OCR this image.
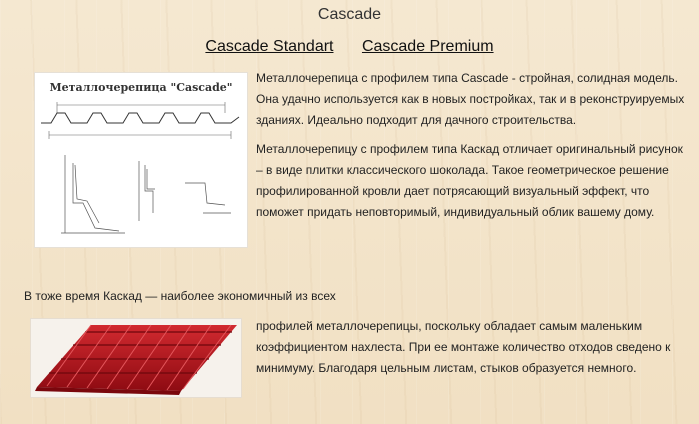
Cascade
Cascade Standart Cascade Premium
Металлочерепица "Cascade"

Металлочерепица с профилем типа Cascade - стройная, солидная модель. Она удачно используется как в новых постройках, так и в реконструируемых зданиях. Идеально подходит для дачного строительства.

Металлочерепицу с профилем типа Каскад отличает оригинальный рисунок – в виде плитки классического шоколада. Такое геометрическое решение профилированной кровли дает потрясающий визуальный эффект, что поможет придать неповторимый, индивидуальный облик вашему дому.

В тоже время Каскад — наиболее экономичный из всех

профилей металлочерепицы, поскольку обладает самым маленьким коэффициентом нахлеста. При ее монтаже количество отходов сведено к минимуму. Благодаря цельным листам, стыков образуется немного.
